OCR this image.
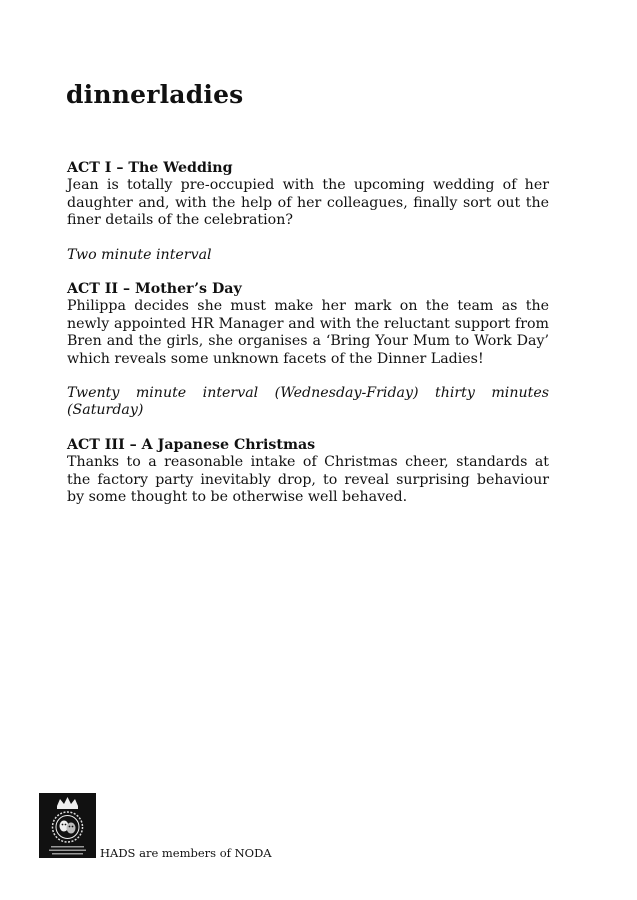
dinnerladies

ACT I – The Wedding

Jean is totally pre-occupied with the upcoming wedding of her daughter and, with the help of her colleagues, finally sort out the finer details of the celebration?

Two minute interval

ACT II – Mother’s Day

Philippa decides she must make her mark on the team as the newly appointed HR Manager and with the reluctant support from Bren and the girls, she organises a ‘Bring Your Mum to Work Day’ which reveals some unknown facets of the Dinner Ladies!

Twenty minute interval (Wednesday-Friday) thirty minutes (Saturday)

ACT III – A Japanese Christmas

Thanks to a reasonable intake of Christmas cheer, standards at the factory party inevitably drop, to reveal surprising behaviour by some thought to be otherwise well behaved.

HADS are members of NODA
